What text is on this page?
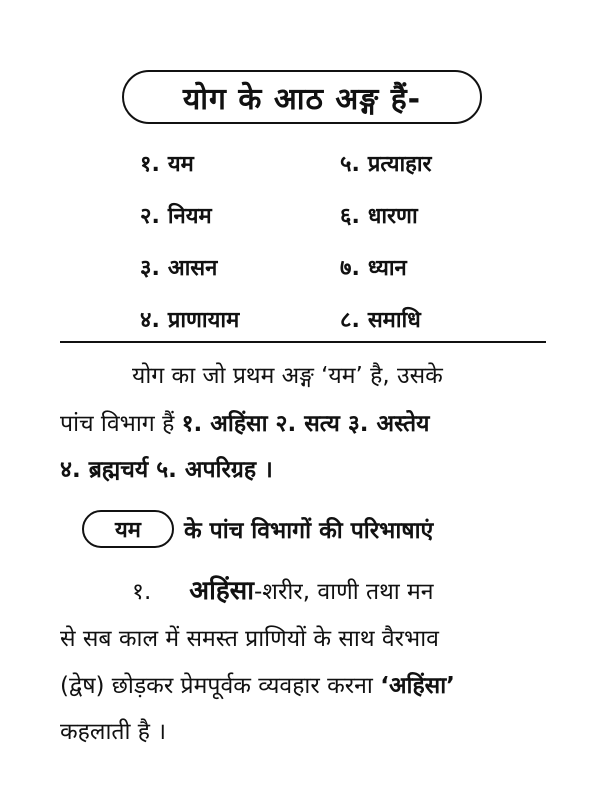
योग के आठ अङ्ग हैं-
१. यम
२. नियम
३. आसन
४. प्राणायाम
५. प्रत्याहार
६. धारणा
७. ध्यान
८. समाधि
योग का जो प्रथम अङ्ग ‘यम’ है, उसके
पांच विभाग हैं १. अहिंसा २. सत्य ३. अस्तेय
४. ब्रह्मचर्य ५. अपरिग्रह ।
यम के पांच विभागों की परिभाषाएं
१. अहिंसा-शरीर, वाणी तथा मन
से सब काल में समस्त प्राणियों के साथ वैरभाव
(द्वेष) छोड़कर प्रेमपूर्वक व्यवहार करना ‘अहिंसा’
कहलाती है ।
